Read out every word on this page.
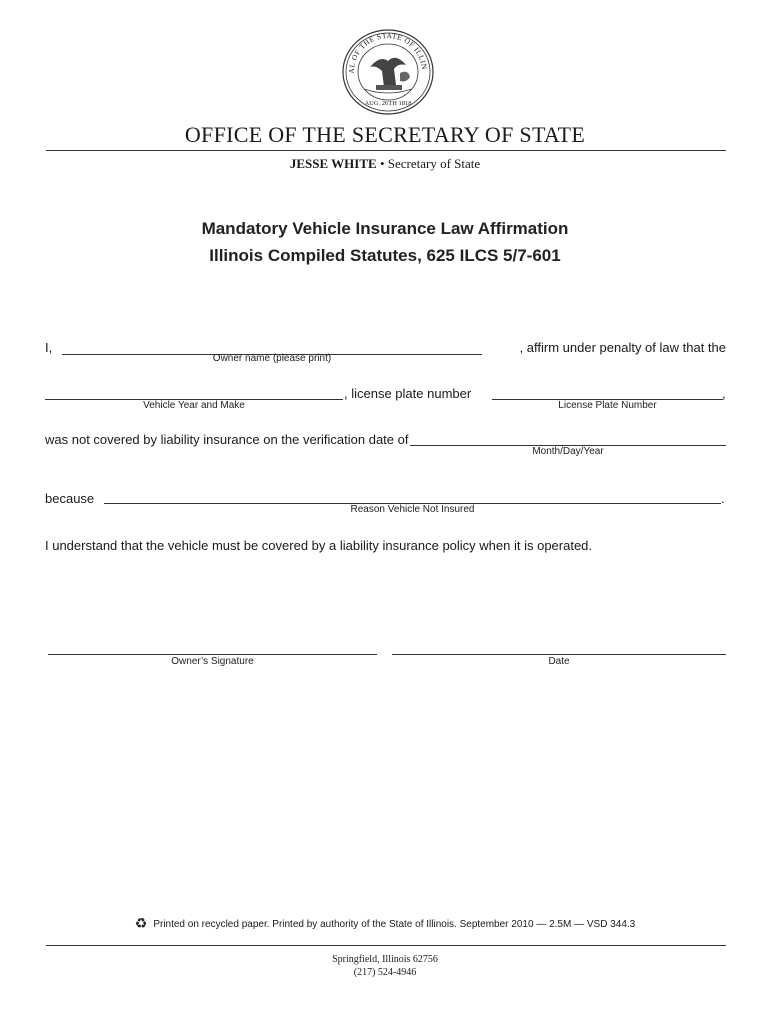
AL OF THE STATE OF ILLIN
AUG. 26TH 1818
OFFICE OF THE SECRETARY OF STATE
JESSE WHITE • Secretary of State
Mandatory Vehicle Insurance Law Affirmation
Illinois Compiled Statutes, 625 ILCS 5/7-601
I,	, affirm under penalty of law that the
Owner name (please print)
, license plate number	,
Vehicle Year and Make	License Plate Number
was not covered by liability insurance on the verification date of
Month/Day/Year
because	.
Reason Vehicle Not Insured
I understand that the vehicle must be covered by a liability insurance policy when it is operated.
Owner’s Signature	Date
♻ Printed on recycled paper. Printed by authority of the State of Illinois. September 2010 — 2.5M — VSD 344.3
Springfield, Illinois 62756
(217) 524-4946
